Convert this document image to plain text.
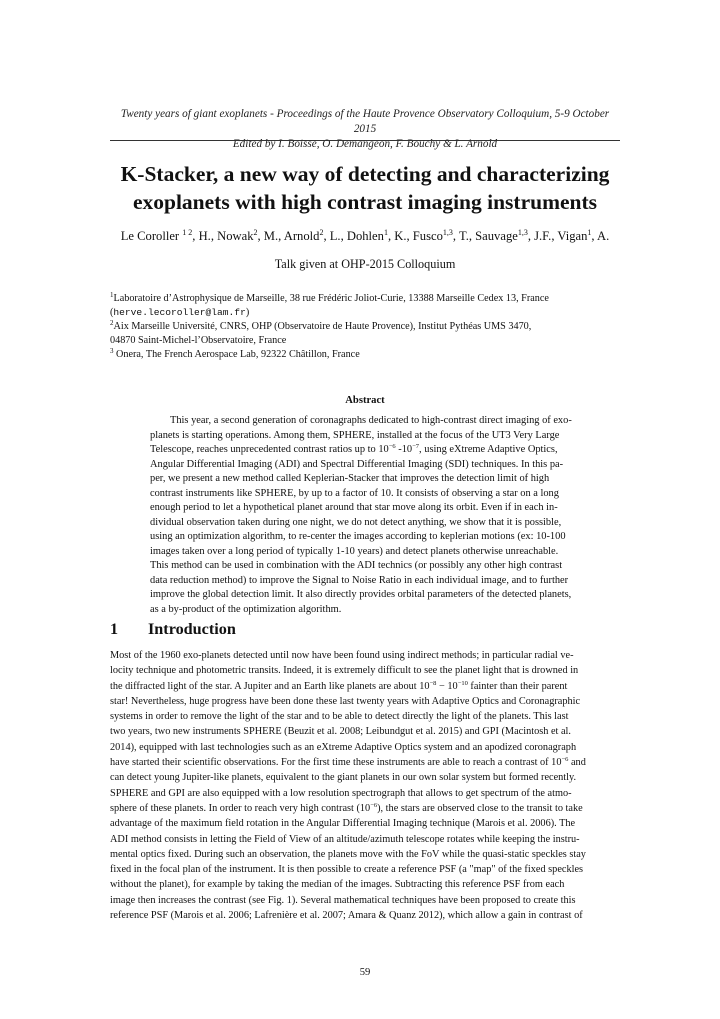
Twenty years of giant exoplanets - Proceedings of the Haute Provence Observatory Colloquium, 5-9 October 2015
Edited by I. Boisse, O. Demangeon, F. Bouchy & L. Arnold
K-Stacker, a new way of detecting and characterizing
exoplanets with high contrast imaging instruments
Le Coroller $^{1 2}$, H., Nowak$^2$, M., Arnold$^2$, L., Dohlen$^1$, K., Fusco$^{1,3}$, T., Sauvage$^{1,3}$, J.F., Vigan$^1$, A.
Talk given at OHP-2015 Colloquium
$^1$Laboratoire d’Astrophysique de Marseille, 38 rue Frédéric Joliot-Curie, 13388 Marseille Cedex 13, France
(herve.lecoroller@lam.fr)
$^2$Aix Marseille Université, CNRS, OHP (Observatoire de Haute Provence), Institut Pythéas UMS 3470,
04870 Saint-Michel-l’Observatoire, France
$^3$ Onera, The French Aerospace Lab, 92322 Châtillon, France
Abstract
This year, a second generation of coronagraphs dedicated to high-contrast direct imaging of exo-
planets is starting operations. Among them, SPHERE, installed at the focus of the UT3 Very Large
Telescope, reaches unprecedented contrast ratios up to $10^{-6}$ $-10^{-7}$, using eXtreme Adaptive Optics,
Angular Differential Imaging (ADI) and Spectral Differential Imaging (SDI) techniques. In this pa-
per, we present a new method called Keplerian-Stacker that improves the detection limit of high
contrast instruments like SPHERE, by up to a factor of 10. It consists of observing a star on a long
enough period to let a hypothetical planet around that star move along its orbit. Even if in each in-
dividual observation taken during one night, we do not detect anything, we show that it is possible,
using an optimization algorithm, to re-center the images according to keplerian motions (ex: 10-100
images taken over a long period of typically 1-10 years) and detect planets otherwise unreachable.
This method can be used in combination with the ADI technics (or possibly any other high contrast
data reduction method) to improve the Signal to Noise Ratio in each individual image, and to further
improve the global detection limit. It also directly provides orbital parameters of the detected planets,
as a by-product of the optimization algorithm.
1 Introduction
Most of the 1960 exo-planets detected until now have been found using indirect methods; in particular radial ve-
locity technique and photometric transits. Indeed, it is extremely difficult to see the planet light that is drowned in
the diffracted light of the star. A Jupiter and an Earth like planets are about $10^{-8} - 10^{-10}$ fainter than their parent
star! Nevertheless, huge progress have been done these last twenty years with Adaptive Optics and Coronagraphic
systems in order to remove the light of the star and to be able to detect directly the light of the planets. This last
two years, two new instruments SPHERE (Beuzit et al. 2008; Leibundgut et al. 2015) and GPI (Macintosh et al.
2014), equipped with last technologies such as an eXtreme Adaptive Optics system and an apodized coronagraph
have started their scientific observations. For the first time these instruments are able to reach a contrast of $10^{-6}$ and
can detect young Jupiter-like planets, equivalent to the giant planets in our own solar system but formed recently.
SPHERE and GPI are also equipped with a low resolution spectrograph that allows to get spectrum of the atmo-
sphere of these planets. In order to reach very high contrast $(10^{-6})$, the stars are observed close to the transit to take
advantage of the maximum field rotation in the Angular Differential Imaging technique (Marois et al. 2006). The
ADI method consists in letting the Field of View of an altitude/azimuth telescope rotates while keeping the instru-
mental optics fixed. During such an observation, the planets move with the FoV while the quasi-static speckles stay
fixed in the focal plan of the instrument. It is then possible to create a reference PSF (a "map" of the fixed speckles
without the planet), for example by taking the median of the images. Subtracting this reference PSF from each
image then increases the contrast (see Fig. 1). Several mathematical techniques have been proposed to create this
reference PSF (Marois et al. 2006; Lafrenière et al. 2007; Amara & Quanz 2012), which allow a gain in contrast of
59
